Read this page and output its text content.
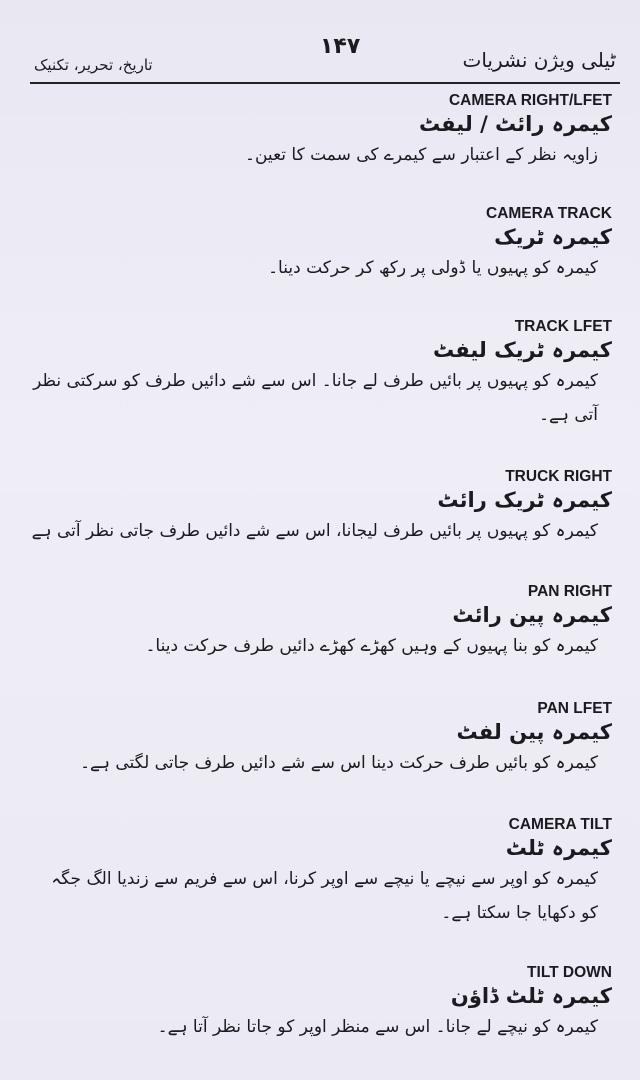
تاریخ، تحریر، تکنیک
۱۴۷
ٹیلی ویژن نشریات
CAMERA RIGHT/LFET
کیمرہ رائٹ / لیفٹ
زاویہ نظر کے اعتبار سے کیمرے کی سمت کا تعین۔
CAMERA TRACK
کیمرہ ٹریک
کیمرہ کو پہیوں یا ڈولی پر رکھ کر حرکت دینا۔
TRACK LFET
کیمرہ ٹریک لیفٹ
کیمرہ کو پہیوں پر بائیں طرف لے جانا۔ اس سے شے دائیں طرف کو سرکتی نظر آتی ہے۔
TRUCK RIGHT
کیمرہ ٹریک رائٹ
کیمرہ کو پہیوں پر بائیں طرف لیجانا، اس سے شے دائیں طرف جاتی نظر آتی ہے
PAN RIGHT
کیمرہ پین رائٹ
کیمرہ کو بنا پہیوں کے وہیں کھڑے کھڑے دائیں طرف حرکت دینا۔
PAN LFET
کیمرہ پین لفٹ
کیمرہ کو بائیں طرف حرکت دینا اس سے شے دائیں طرف جاتی لگتی ہے۔
CAMERA TILT
کیمرہ ٹلٹ
کیمرہ کو اوپر سے نیچے یا نیچے سے اوپر کرنا، اس سے فریم سے زندیا الگ جگہ کو دکھایا جا سکتا ہے۔
TILT DOWN
کیمرہ ٹلٹ ڈاؤن
کیمرہ کو نیچے لے جانا۔ اس سے منظر اوپر کو جاتا نظر آتا ہے۔
